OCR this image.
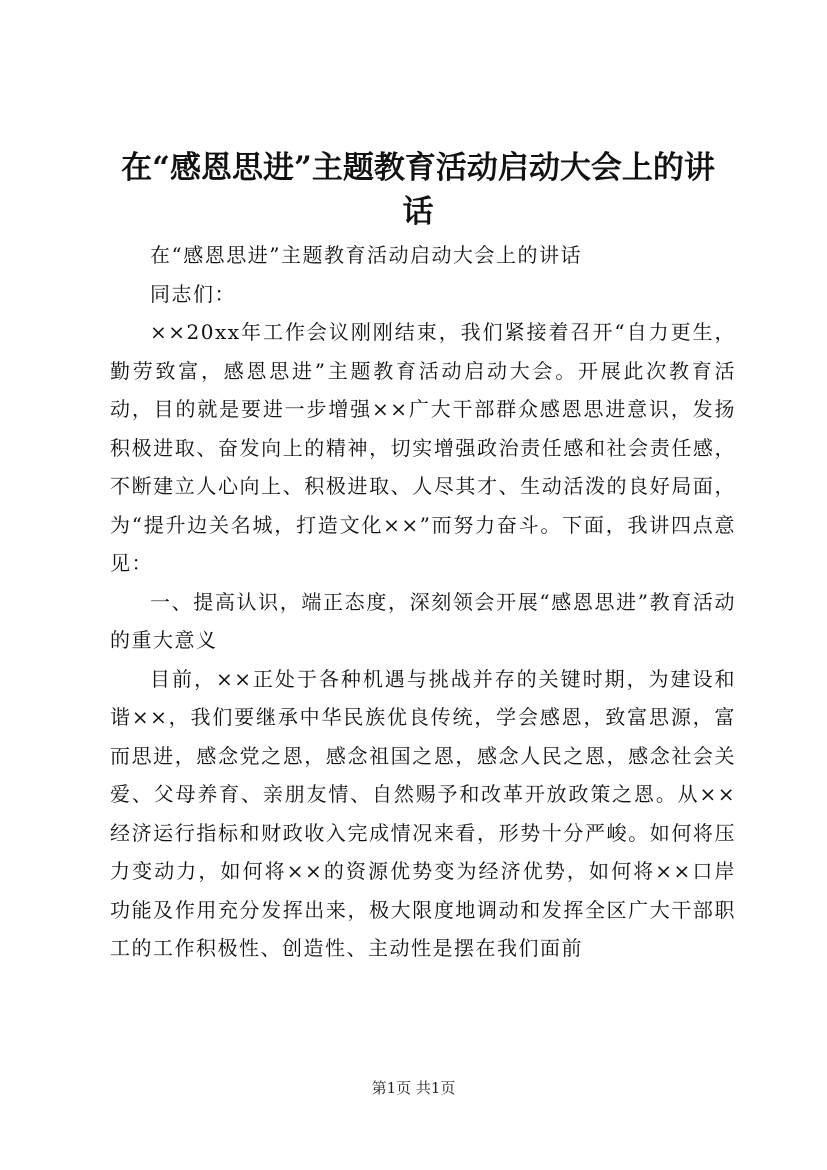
在“感恩思进”主题教育活动启动大会上的讲话

在“感恩思进”主题教育活动启动大会上的讲话

同志们：

××20xx年工作会议刚刚结束，我们紧接着召开“自力更生，勤劳致富，感恩思进”主题教育活动启动大会。开展此次教育活动，目的就是要进一步增强××广大干部群众感恩思进意识，发扬积极进取、奋发向上的精神，切实增强政治责任感和社会责任感，不断建立人心向上、积极进取、人尽其才、生动活泼的良好局面，为“提升边关名城，打造文化××”而努力奋斗。下面，我讲四点意见：

一、提高认识，端正态度，深刻领会开展“感恩思进”教育活动的重大意义

目前，××正处于各种机遇与挑战并存的关键时期，为建设和谐××，我们要继承中华民族优良传统，学会感恩，致富思源，富而思进，感念党之恩，感念祖国之恩，感念人民之恩，感念社会关爱、父母养育、亲朋友情、自然赐予和改革开放政策之恩。从××经济运行指标和财政收入完成情况来看，形势十分严峻。如何将压力变动力，如何将××的资源优势变为经济优势，如何将××口岸功能及作用充分发挥出来，极大限度地调动和发挥全区广大干部职工的工作积极性、创造性、主动性是摆在我们面前

第1页 共1页
